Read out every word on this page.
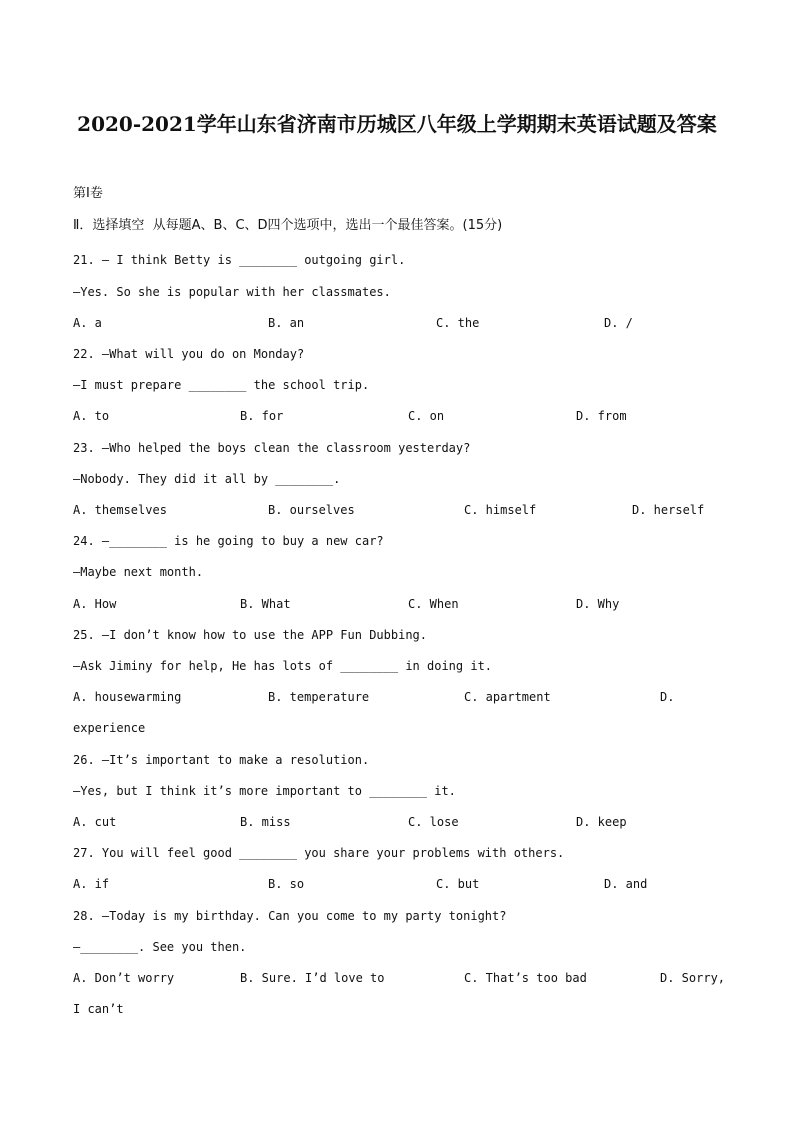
2020-2021学年山东省济南市历城区八年级上学期期末英语试题及答案
第Ⅰ卷
Ⅱ．选择填空  从每题A、B、C、D四个选项中，选出一个最佳答案。(15分)
21. — I think Betty is ________ outgoing girl.
—Yes. So she is popular with her classmates.
A. a	B. an	C. the	D. /
22. —What will you do on Monday?
—I must prepare ________ the school trip.
A. to	B. for	C. on	D. from
23. —Who helped the boys clean the classroom yesterday?
—Nobody. They did it all by ________.
A. themselves	B. ourselves	C. himself	D. herself
24. —________ is he going to buy a new car?
—Maybe next month.
A. How	B. What	C. When	D. Why
25. —I don’t know how to use the APP Fun Dubbing.
—Ask Jiminy for help, He has lots of ________ in doing it.
A. housewarming	B. temperature	C. apartment	D.
experience
26. —It’s important to make a resolution.
—Yes, but I think it’s more important to ________ it.
A. cut	B. miss	C. lose	D. keep
27. You will feel good ________ you share your problems with others.
A. if	B. so	C. but	D. and
28. —Today is my birthday. Can you come to my party tonight?
—________. See you then.
A. Don’t worry	B. Sure. I’d love to	C. That’s too bad	D. Sorry,
I can’t
